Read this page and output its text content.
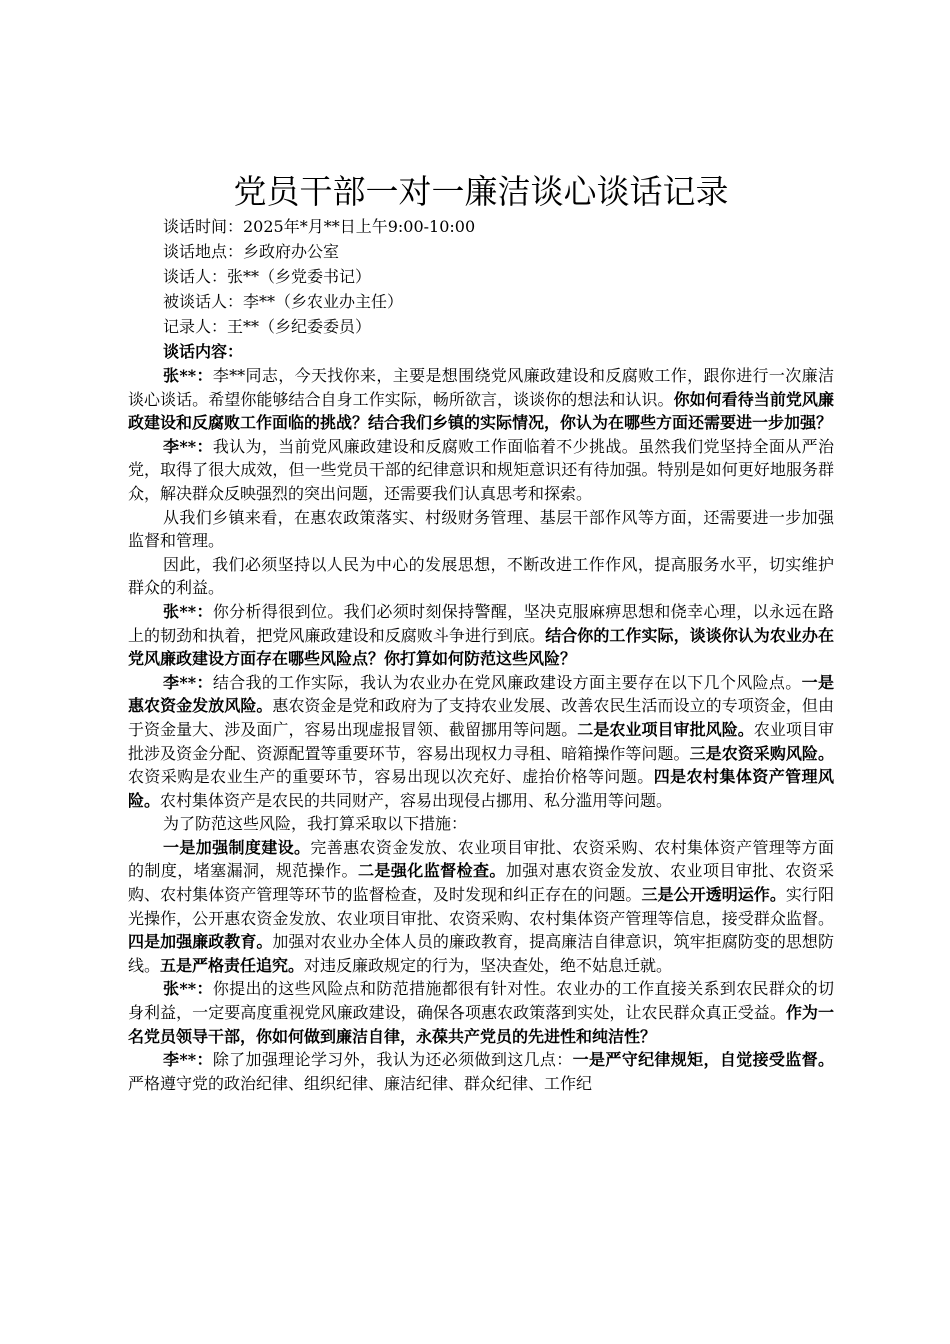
党员干部一对一廉洁谈心谈话记录
谈话时间：2025年*月**日上午9:00-10:00
谈话地点：乡政府办公室
谈话人：张**（乡党委书记）
被谈话人：李**（乡农业办主任）
记录人：王**（乡纪委委员）
谈话内容：

张**：李**同志，今天找你来，主要是想围绕党风廉政建设和反腐败工作，跟你进行一次廉洁谈心谈话。希望你能够结合自身工作实际，畅所欲言，谈谈你的想法和认识。你如何看待当前党风廉政建设和反腐败工作面临的挑战？结合我们乡镇的实际情况，你认为在哪些方面还需要进一步加强？

李**：我认为，当前党风廉政建设和反腐败工作面临着不少挑战。虽然我们党坚持全面从严治党，取得了很大成效，但一些党员干部的纪律意识和规矩意识还有待加强。特别是如何更好地服务群众，解决群众反映强烈的突出问题，还需要我们认真思考和探索。

从我们乡镇来看，在惠农政策落实、村级财务管理、基层干部作风等方面，还需要进一步加强监督和管理。

因此，我们必须坚持以人民为中心的发展思想，不断改进工作作风，提高服务水平，切实维护群众的利益。

张**：你分析得很到位。我们必须时刻保持警醒，坚决克服麻痹思想和侥幸心理，以永远在路上的韧劲和执着，把党风廉政建设和反腐败斗争进行到底。结合你的工作实际，谈谈你认为农业办在党风廉政建设方面存在哪些风险点？你打算如何防范这些风险？

李**：结合我的工作实际，我认为农业办在党风廉政建设方面主要存在以下几个风险点。一是惠农资金发放风险。惠农资金是党和政府为了支持农业发展、改善农民生活而设立的专项资金，但由于资金量大、涉及面广，容易出现虚报冒领、截留挪用等问题。二是农业项目审批风险。农业项目审批涉及资金分配、资源配置等重要环节，容易出现权力寻租、暗箱操作等问题。三是农资采购风险。农资采购是农业生产的重要环节，容易出现以次充好、虚抬价格等问题。四是农村集体资产管理风险。农村集体资产是农民的共同财产，容易出现侵占挪用、私分滥用等问题。

为了防范这些风险，我打算采取以下措施：

一是加强制度建设。完善惠农资金发放、农业项目审批、农资采购、农村集体资产管理等方面的制度，堵塞漏洞，规范操作。二是强化监督检查。加强对惠农资金发放、农业项目审批、农资采购、农村集体资产管理等环节的监督检查，及时发现和纠正存在的问题。三是公开透明运作。实行阳光操作，公开惠农资金发放、农业项目审批、农资采购、农村集体资产管理等信息，接受群众监督。四是加强廉政教育。加强对农业办全体人员的廉政教育，提高廉洁自律意识，筑牢拒腐防变的思想防线。五是严格责任追究。对违反廉政规定的行为，坚决查处，绝不姑息迁就。

张**：你提出的这些风险点和防范措施都很有针对性。农业办的工作直接关系到农民群众的切身利益，一定要高度重视党风廉政建设，确保各项惠农政策落到实处，让农民群众真正受益。作为一名党员领导干部，你如何做到廉洁自律，永葆共产党员的先进性和纯洁性？

李**：除了加强理论学习外，我认为还必须做到这几点：一是严守纪律规矩，自觉接受监督。严格遵守党的政治纪律、组织纪律、廉洁纪律、群众纪律、工作纪
